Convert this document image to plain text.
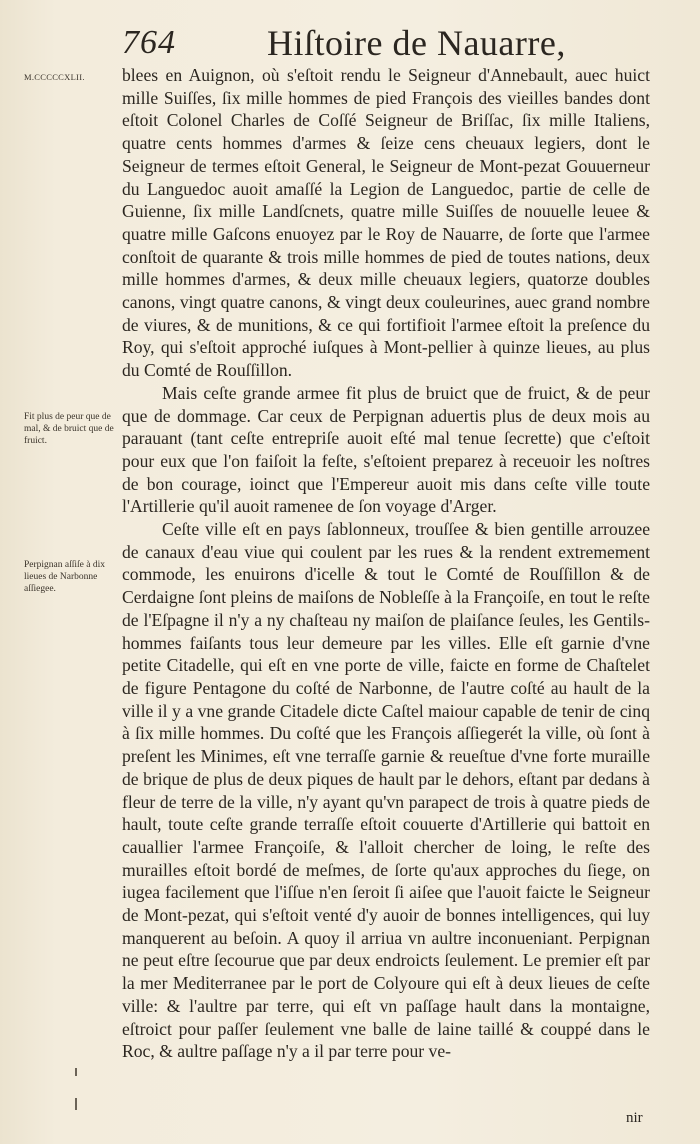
764	Hiſtoire de Nauarre,
M.CCCCCXLII.
Fit plus de peur que de mal, & de bruict que de fruict.
Perpignan aſſiſe à dix lieues de Narbonne aſſiegee.

blees en Auignon, où s'eſtoit rendu le Seigneur d'Annebault, auec huict mille Suiſſes, ſix mille hommes de pied François des vieilles bandes dont eſtoit Colonel Charles de Coſſé Seigneur de Briſſac, ſix mille Italiens, quatre cents hommes d'armes & ſeize cens cheuaux legiers, dont le Seigneur de termes eſtoit General, le Seigneur de Mont-pezat Gouuerneur du Languedoc auoit amaſſé la Legion de Languedoc, partie de celle de Guienne, ſix mille Landſcnets, quatre mille Suiſſes de nouuelle leuee & quatre mille Gaſcons enuoyez par le Roy de Nauarre, de ſorte que l'armee conſtoit de quarante & trois mille hommes de pied de toutes nations, deux mille hommes d'armes, & deux mille cheuaux legiers, quatorze doubles canons, vingt quatre canons, & vingt deux couleurines, auec grand nombre de viures, & de munitions, & ce qui fortifioit l'armee eſtoit la preſence du Roy, qui s'eſtoit approché iuſques à Mont-pellier à quinze lieues, au plus du Comté de Rouſſillon.

Mais ceſte grande armee fit plus de bruict que de fruict, & de peur que de dommage. Car ceux de Perpignan aduertis plus de deux mois au parauant (tant ceſte entrepriſe auoit eſté mal tenue ſecrette) que c'eſtoit pour eux que l'on faiſoit la feſte, s'eſtoient preparez à receuoir les noſtres de bon courage, ioinct que l'Empereur auoit mis dans ceſte ville toute l'Artillerie qu'il auoit ramenee de ſon voyage d'Arger.

Ceſte ville eſt en pays ſablonneux, trouſſee & bien gentille arrouzee de canaux d'eau viue qui coulent par les rues & la rendent extremement commode, les enuirons d'icelle & tout le Comté de Rouſſillon & de Cerdaigne ſont pleins de maiſons de Nobleſſe à la Françoiſe, en tout le reſte de l'Eſpagne il n'y a ny chaſteau ny maiſon de plaiſance ſeules, les Gentils-hommes faiſants tous leur demeure par les villes. Elle eſt garnie d'vne petite Citadelle, qui eſt en vne porte de ville, faicte en forme de Chaſtelet de figure Pentagone du coſté de Narbonne, de l'autre coſté au hault de la ville il y a vne grande Citadele dicte Caſtel maiour capable de tenir de cinq à ſix mille hommes. Du coſté que les François aſſiegerét la ville, où ſont à preſent les Minimes, eſt vne terraſſe garnie & reueſtue d'vne forte muraille de brique de plus de deux piques de hault par le dehors, eſtant par dedans à fleur de terre de la ville, n'y ayant qu'vn parapect de trois à quatre pieds de hault, toute ceſte grande terraſſe eſtoit couuerte d'Artillerie qui battoit en cauallier l'armee Françoiſe, & l'alloit chercher de loing, le reſte des murailles eſtoit bordé de meſmes, de ſorte qu'aux approches du ſiege, on iugea facilement que l'iſſue n'en ſeroit ſi aiſee que l'auoit faicte le Seigneur de Mont-pezat, qui s'eſtoit venté d'y auoir de bonnes intelligences, qui luy manquerent au beſoin. A quoy il arriua vn aultre inconueniant. Perpignan ne peut eſtre ſecourue que par deux endroicts ſeulement. Le premier eſt par la mer Mediterranee par le port de Colyoure qui eſt à deux lieues de ceſte ville: & l'aultre par terre, qui eſt vn paſſage hault dans la montaigne, eſtroict pour paſſer ſeulement vne balle de laine taillé & couppé dans le Roc, & aultre paſſage n'y a il par terre pour ve-

nir
